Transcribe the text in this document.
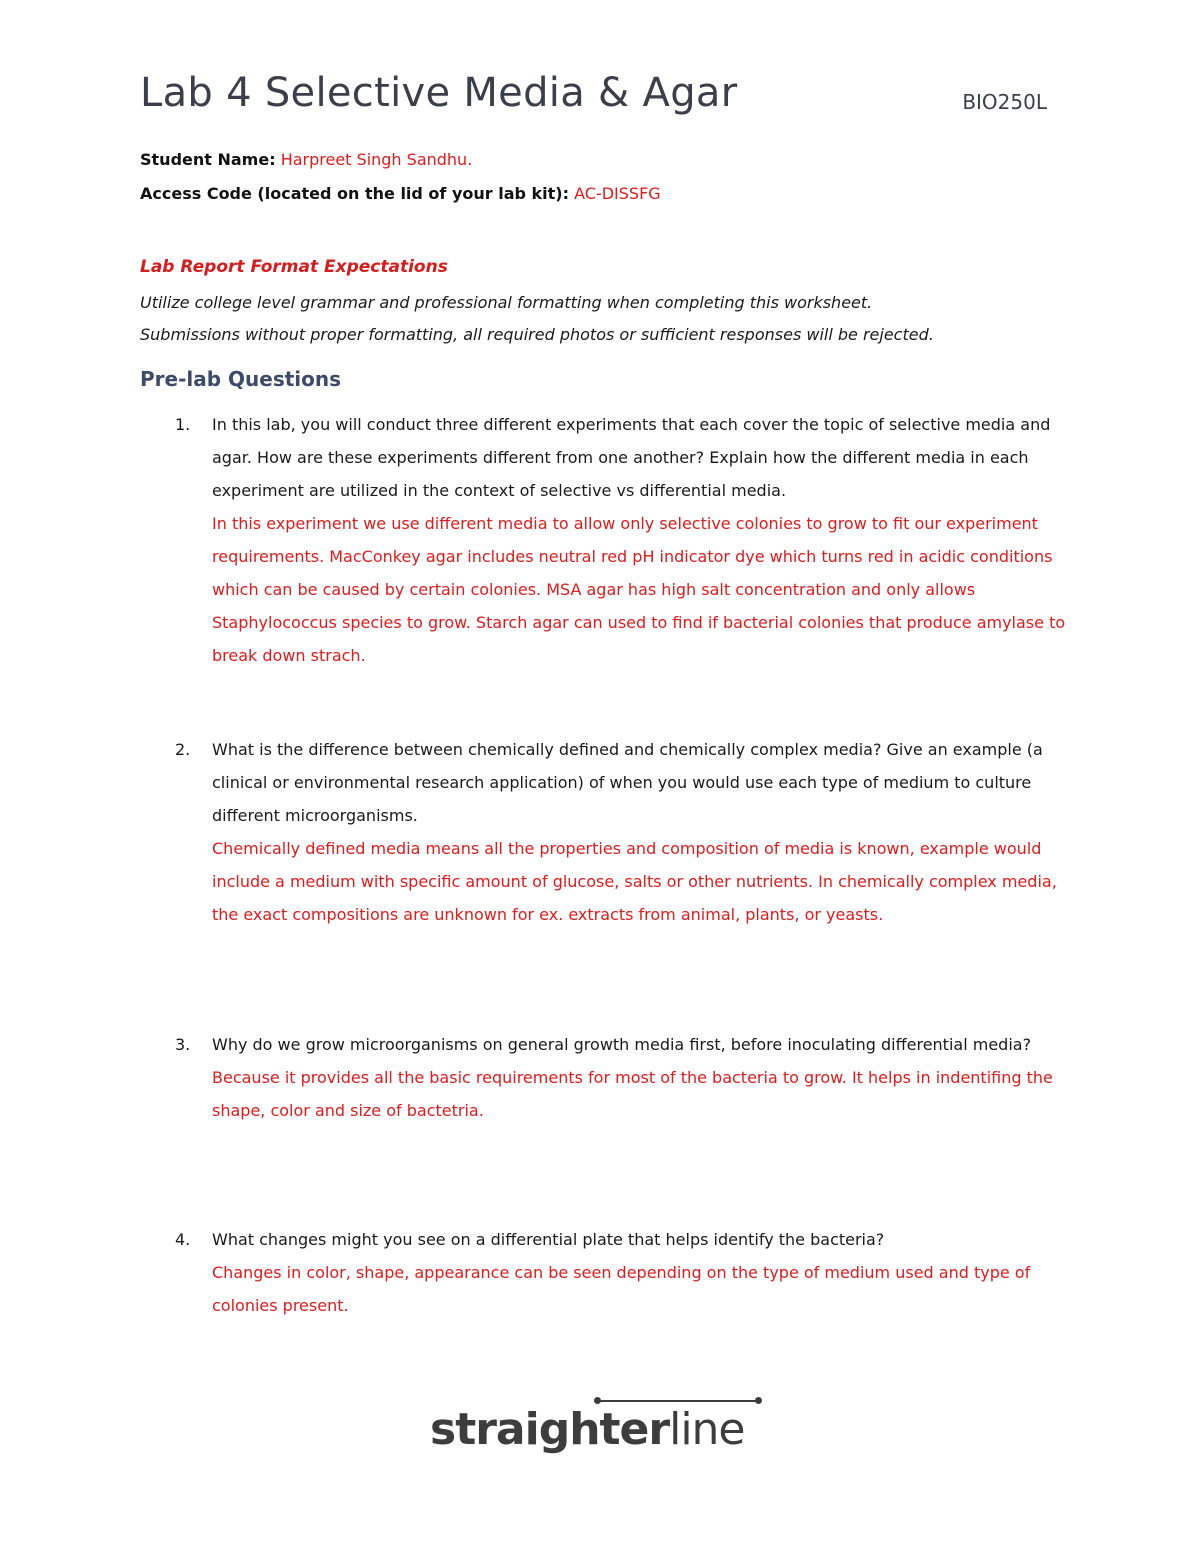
Lab 4 Selective Media & Agar	BIO250L
Student Name: Harpreet Singh Sandhu.
Access Code (located on the lid of your lab kit): AC-DISSFG
Lab Report Format Expectations
Utilize college level grammar and professional formatting when completing this worksheet.
Submissions without proper formatting, all required photos or sufficient responses will be rejected.
Pre-lab Questions
1. In this lab, you will conduct three different experiments that each cover the topic of selective media and agar. How are these experiments different from one another? Explain how the different media in each experiment are utilized in the context of selective vs differential media.
In this experiment we use different media to allow only selective colonies to grow to fit our experiment requirements. MacConkey agar includes neutral red pH indicator dye which turns red in acidic conditions which can be caused by certain colonies. MSA agar has high salt concentration and only allows Staphylococcus species to grow. Starch agar can used to find if bacterial colonies that produce amylase to break down strach.
2. What is the difference between chemically defined and chemically complex media? Give an example (a clinical or environmental research application) of when you would use each type of medium to culture different microorganisms.
Chemically defined media means all the properties and composition of media is known, example would include a medium with specific amount of glucose, salts or other nutrients. In chemically complex media, the exact compositions are unknown for ex. extracts from animal, plants, or yeasts.
3. Why do we grow microorganisms on general growth media first, before inoculating differential media?
Because it provides all the basic requirements for most of the bacteria to grow. It helps in indentifing the shape, color and size of bactetria.
4. What changes might you see on a differential plate that helps identify the bacteria?
Changes in color, shape, appearance can be seen depending on the type of medium used and type of colonies present.
straighterline
